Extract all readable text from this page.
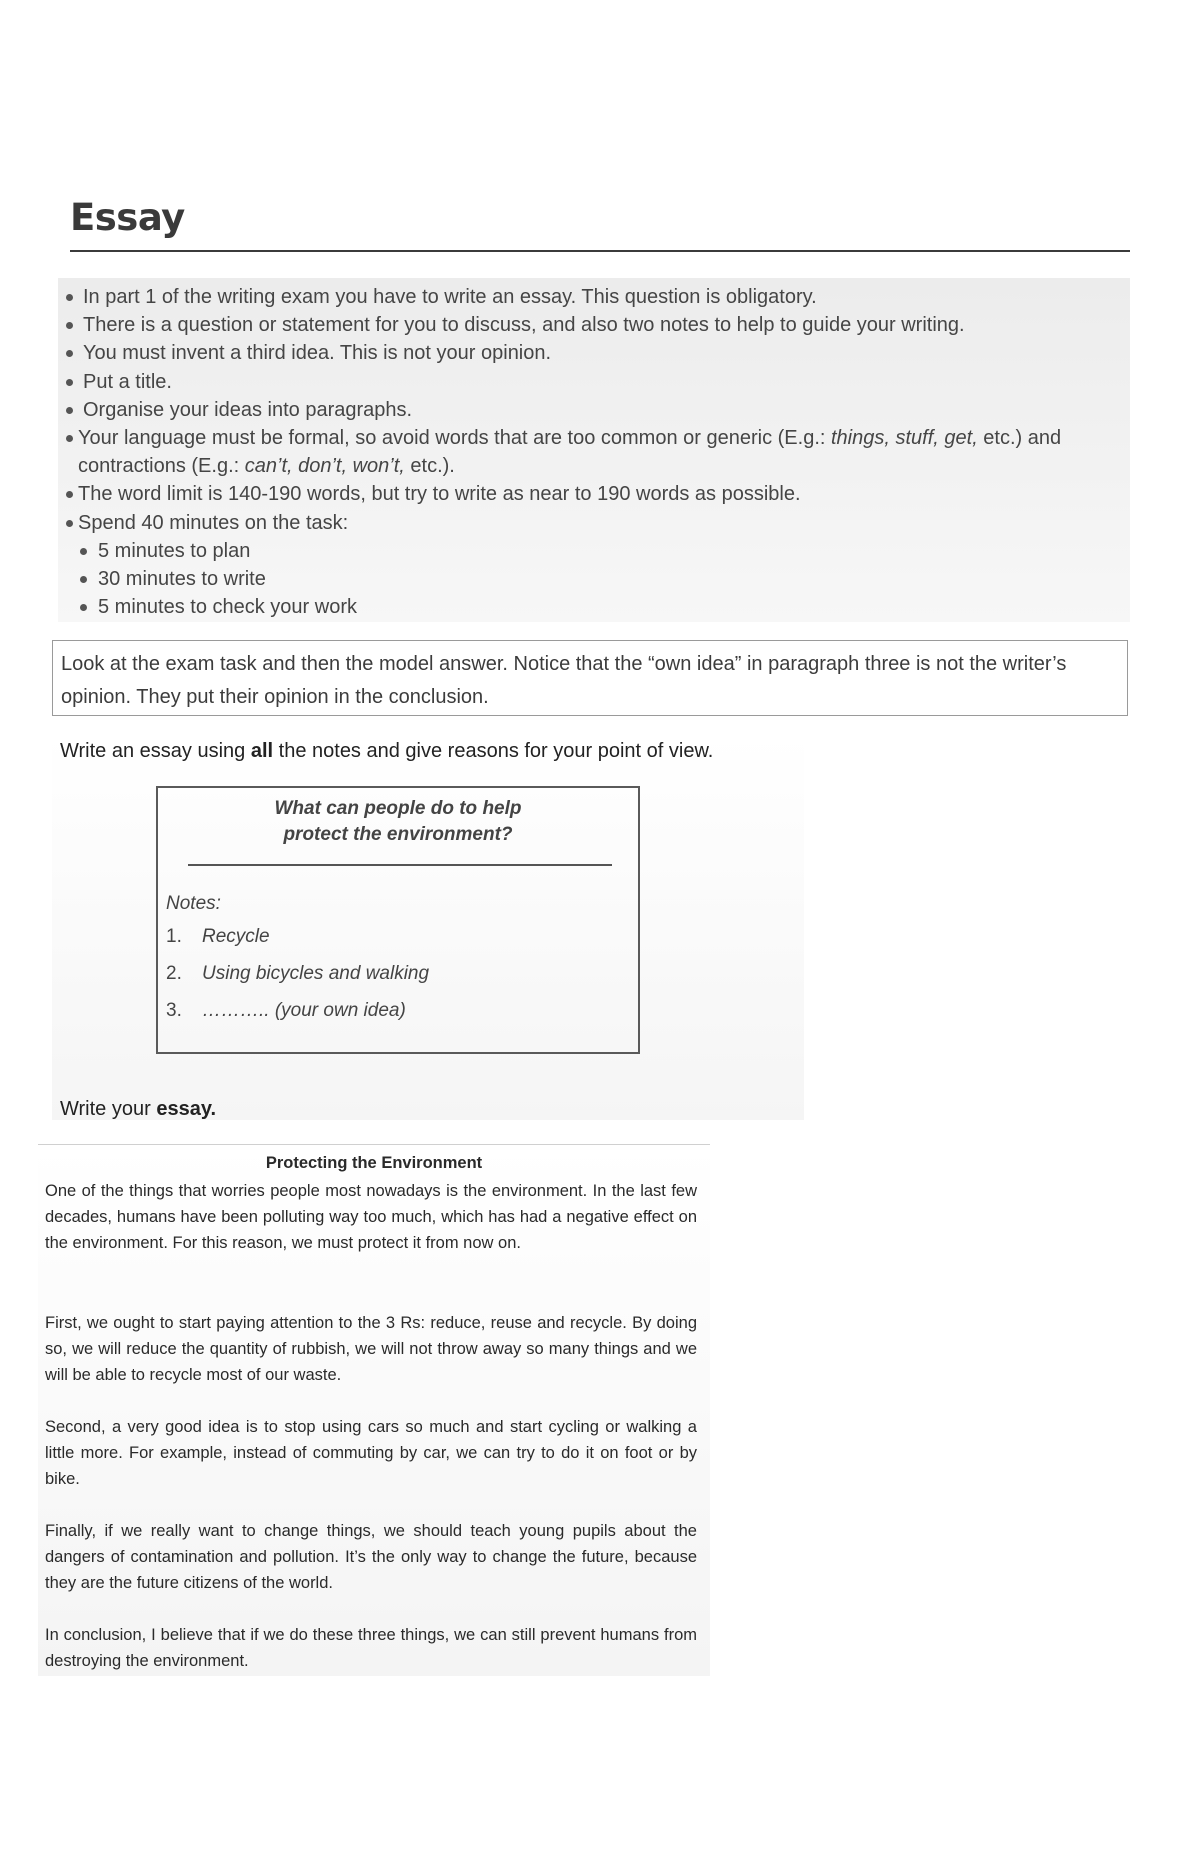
Essay
In part 1 of the writing exam you have to write an essay. This question is obligatory.
There is a question or statement for you to discuss, and also two notes to help to guide your writing.
You must invent a third idea. This is not your opinion.
Put a title.
Organise your ideas into paragraphs.
Your language must be formal, so avoid words that are too common or generic (E.g.: things, stuff, get, etc.) and
contractions (E.g.: can’t, don’t, won’t, etc.).
The word limit is 140-190 words, but try to write as near to 190 words as possible.
Spend 40 minutes on the task:
5 minutes to plan
30 minutes to write
5 minutes to check your work
Look at the exam task and then the model answer. Notice that the “own idea” in paragraph three is not the writer’s opinion. They put their opinion in the conclusion.

Write an essay using all the notes and give reasons for your point of view.

What can people do to help
protect the environment?
Notes:
1. Recycle
2. Using bicycles and walking
3. ……….. (your own idea)

Write your essay.

Protecting the Environment

One of the things that worries people most nowadays is the environment. In the last few decades, humans have been polluting way too much, which has had a negative effect on the environment. For this reason, we must protect it from now on.

First, we ought to start paying attention to the 3 Rs: reduce, reuse and recycle. By doing so, we will reduce the quantity of rubbish, we will not throw away so many things and we will be able to recycle most of our waste.

Second, a very good idea is to stop using cars so much and start cycling or walking a little more. For example, instead of commuting by car, we can try to do it on foot or by bike.

Finally, if we really want to change things, we should teach young pupils about the dangers of contamination and pollution. It’s the only way to change the future, because they are the future citizens of the world.

In conclusion, I believe that if we do these three things, we can still prevent humans from destroying the environment.
